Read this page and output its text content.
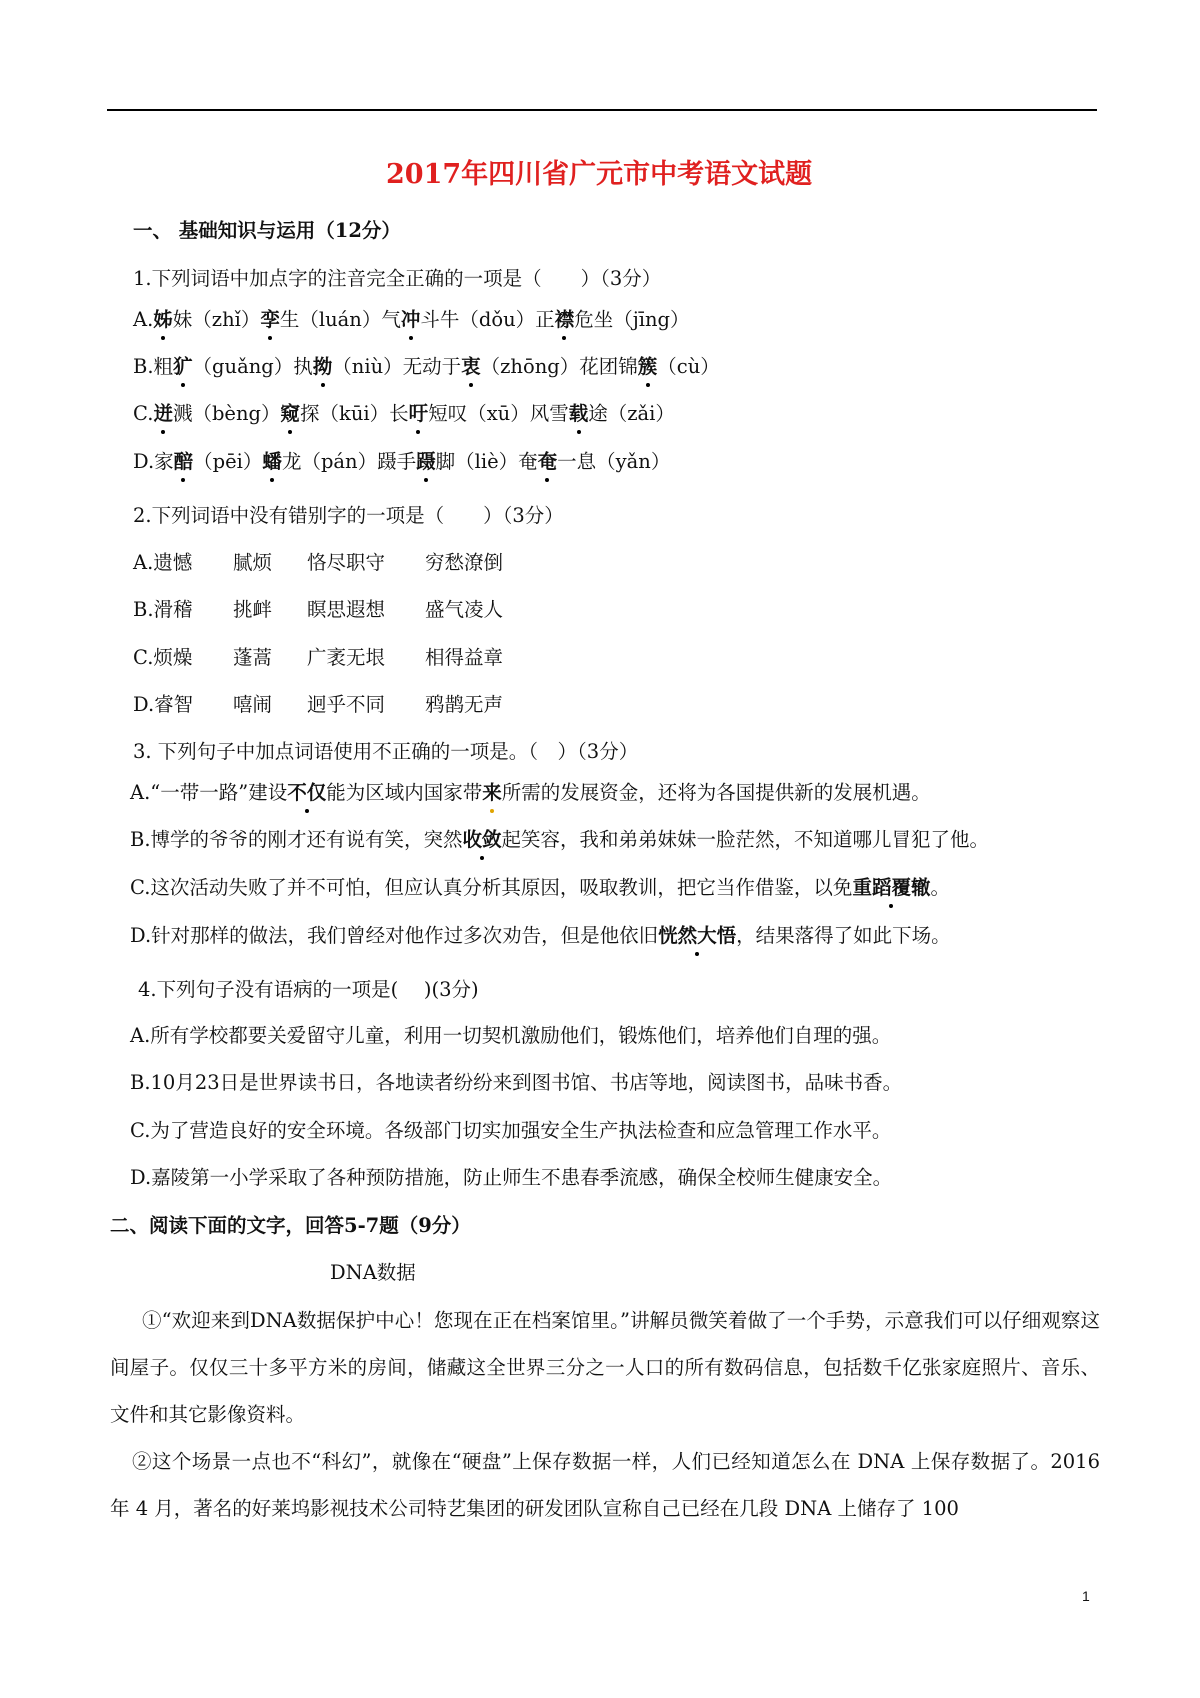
2017年四川省广元市中考语文试题
一、 基础知识与运用（12分）
1.下列词语中加点字的注音完全正确的一项是（　　）（3分）
A.姊妹（zhǐ）孪生（luán）气冲斗牛（dǒu）正襟危坐（jīng）
B.粗犷（guǎng）执拗（niù）无动于衷（zhōng）花团锦簇（cù）
C.迸溅（bèng）窥探（kūi）长吁短叹（xū）风雪载途（zǎi）
D.家醅（pēi）蟠龙（pán）蹑手蹑脚（liè）奄奄一息（yǎn）
2.下列词语中没有错别字的一项是（　　）（3分）
A.遗憾 腻烦 恪尽职守 穷愁潦倒
B.滑稽 挑衅 瞑思遐想 盛气凌人
C.烦燥 蓬蒿 广袤无垠 相得益章
D.睿智 嘻闹 迥乎不同 鸦鹊无声
3. 下列句子中加点词语使用不正确的一项是。（　）（3分）
A.“一带一路”建设不仅能为区域内国家带来所需的发展资金，还将为各国提供新的发展机遇。
B.博学的爷爷的刚才还有说有笑，突然收敛起笑容，我和弟弟妹妹一脸茫然，不知道哪儿冒犯了他。
C.这次活动失败了并不可怕，但应认真分析其原因，吸取教训，把它当作借鉴，以免重蹈覆辙。
D.针对那样的做法，我们曾经对他作过多次劝告，但是他依旧恍然大悟，结果落得了如此下场。
4.下列句子没有语病的一项是(　 )(3分)
A.所有学校都要关爱留守儿童，利用一切契机激励他们，锻炼他们，培养他们自理的强。
B.10月23日是世界读书日，各地读者纷纷来到图书馆、书店等地，阅读图书，品味书香。
C.为了营造良好的安全环境。各级部门切实加强安全生产执法检查和应急管理工作水平。
D.嘉陵第一小学采取了各种预防措施，防止师生不患春季流感，确保全校师生健康安全。
二、阅读下面的文字，回答5-7题（9分）
DNA数据
①“欢迎来到DNA数据保护中心！您现在正在档案馆里。”讲解员微笑着做了一个手势，示意我们可以仔细观察这间屋子。仅仅三十多平方米的房间，储藏这全世界三分之一人口的所有数码信息，包括数千亿张家庭照片、音乐、文件和其它影像资料。
②这个场景一点也不“科幻”，就像在“硬盘”上保存数据一样，人们已经知道怎么在 DNA 上保存数据了。2016 年 4 月，著名的好莱坞影视技术公司特艺集团的研发团队宣称自己已经在几段 DNA 上储存了 100
1
